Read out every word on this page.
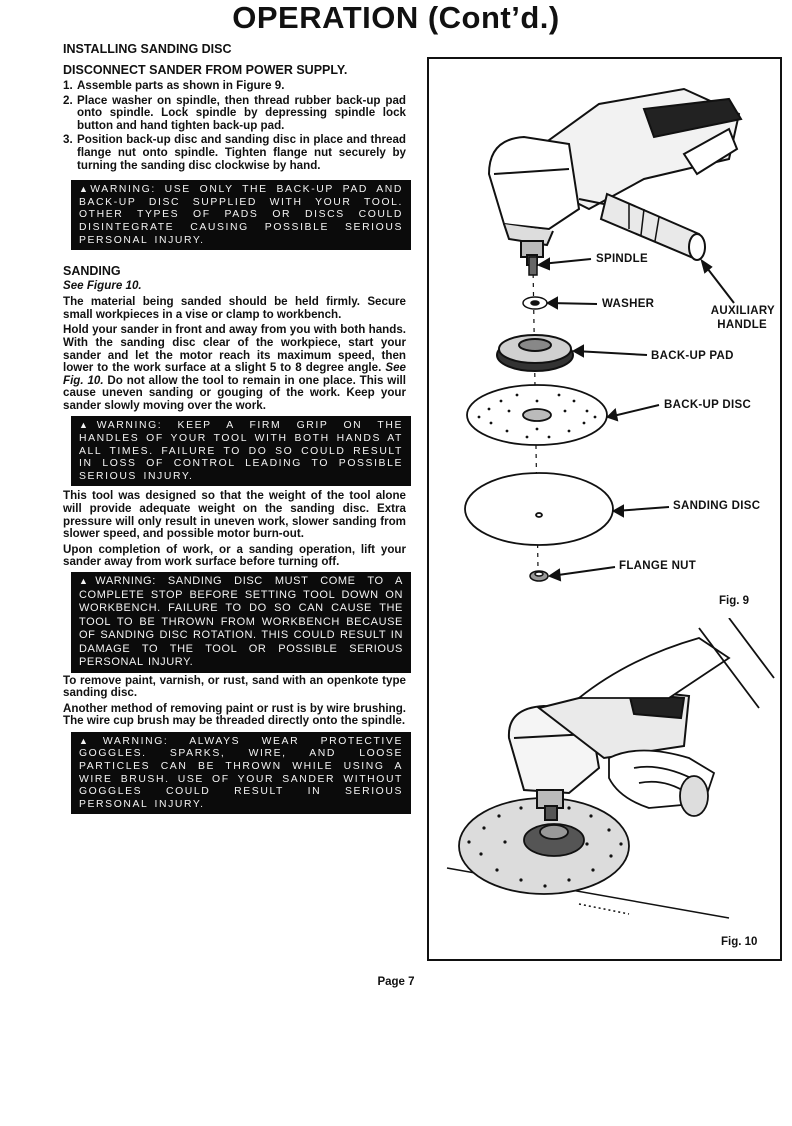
OPERATION (Cont’d.)

INSTALLING SANDING DISC

DISCONNECT SANDER FROM POWER SUPPLY.

1. Assemble parts as shown in Figure 9.
2. Place washer on spindle, then thread rubber back-up pad onto spindle. Lock spindle by depressing spindle lock button and hand tighten back-up pad.
3. Position back-up disc and sanding disc in place and thread flange nut onto spindle. Tighten flange nut securely by turning the sanding disc clockwise by hand.
▲WARNING: USE ONLY THE BACK-UP PAD AND BACK-UP DISC SUPPLIED WITH YOUR TOOL. OTHER TYPES OF PADS OR DISCS COULD DISINTEGRATE CAUSING POSSIBLE SERIOUS PERSONAL INJURY.

SANDING

See Figure 10.

The material being sanded should be held firmly. Secure small workpieces in a vise or clamp to workbench.

Hold your sander in front and away from you with both hands. With the sanding disc clear of the workpiece, start your sander and let the motor reach its maximum speed, then lower to the work surface at a slight 5 to 8 degree angle. See Fig. 10. Do not allow the tool to remain in one place. This will cause uneven sanding or gouging of the work. Keep your sander slowly moving over the work.

▲WARNING: KEEP A FIRM GRIP ON THE HANDLES OF YOUR TOOL WITH BOTH HANDS AT ALL TIMES. FAILURE TO DO SO COULD RESULT IN LOSS OF CONTROL LEADING TO POSSIBLE SERIOUS INJURY.

This tool was designed so that the weight of the tool alone will provide adequate weight on the sanding disc. Extra pressure will only result in uneven work, slower sanding from slower speed, and possible motor burn-out.

Upon completion of work, or a sanding operation, lift your sander away from work surface before turning off.

▲WARNING: SANDING DISC MUST COME TO A COMPLETE STOP BEFORE SETTING TOOL DOWN ON WORKBENCH. FAILURE TO DO SO CAN CAUSE THE TOOL TO BE THROWN FROM WORKBENCH BECAUSE OF SANDING DISC ROTATION. THIS COULD RESULT IN DAMAGE TO THE TOOL OR POSSIBLE SERIOUS PERSONAL INJURY.

To remove paint, varnish, or rust, sand with an openkote type sanding disc.

Another method of removing paint or rust is by wire brushing. The wire cup brush may be threaded directly onto the spindle.

▲WARNING: ALWAYS WEAR PROTECTIVE GOGGLES. SPARKS, WIRE, AND LOOSE PARTICLES CAN BE THROWN WHILE USING A WIRE BRUSH. USE OF YOUR SANDER WITHOUT GOGGLES COULD RESULT IN SERIOUS PERSONAL INJURY.
SPINDLE
WASHER
AUXILIARY
HANDLE
BACK-UP PAD
BACK-UP DISC
SANDING DISC
FLANGE NUT
Fig. 9
Fig. 10
Page 7
